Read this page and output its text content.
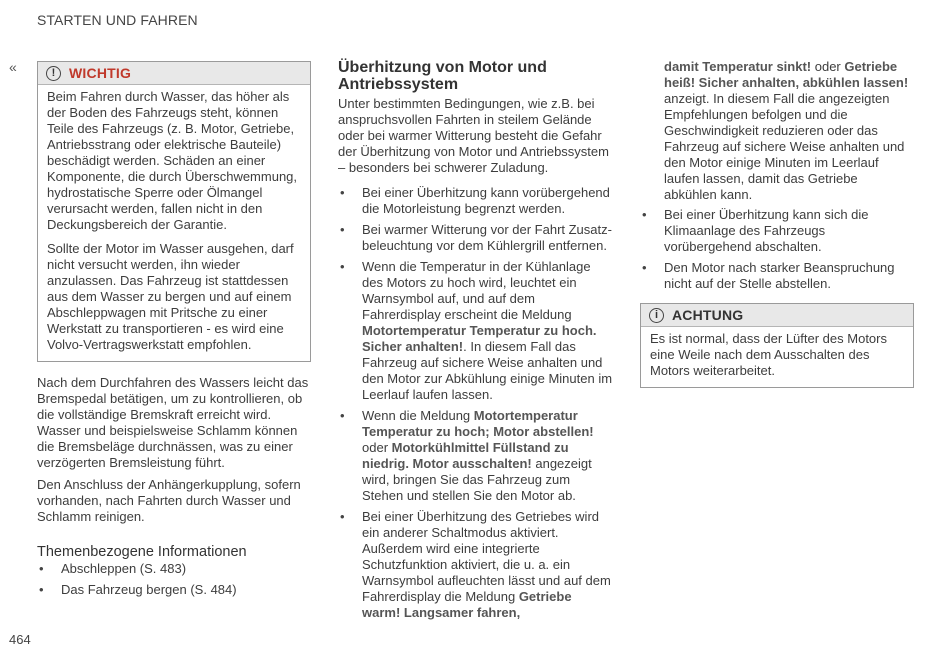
STARTEN UND FAHREN
«	! WICHTIG

Beim Fahren durch Wasser, das höher als der Boden des Fahrzeugs steht, können Teile des Fahrzeugs (z. B. Motor, Getriebe, Antriebsstrang oder elektrische Bauteile) beschädigt werden. Schäden an einer Komponente, die durch Überschwemmung, hydrostatische Sperre oder Ölmangel verursacht werden, fallen nicht in den Deckungsbereich der Garantie.

Sollte der Motor im Wasser ausgehen, darf nicht versucht werden, ihn wieder anzulassen. Das Fahrzeug ist stattdessen aus dem Wasser zu bergen und auf einem Abschleppwagen mit Pritsche zu einer Werkstatt zu transportieren - es wird eine Volvo-Vertragswerkstatt empfohlen.

Nach dem Durchfahren des Wassers leicht das Bremspedal betätigen, um zu kontrollieren, ob die vollständige Bremskraft erreicht wird. Wasser und beispielsweise Schlamm können die Bremsbeläge durchnässen, was zu einer verzögerten Bremsleistung führt.

Den Anschluss der Anhängerkupplung, sofern vorhanden, nach Fahrten durch Wasser und Schlamm reinigen.

Themenbezogene Informationen
• Abschleppen (S. 483)
• Das Fahrzeug bergen (S. 484)
Überhitzung von Motor und Antriebssystem

Unter bestimmten Bedingungen, wie z.B. bei anspruchsvollen Fahrten in steilem Gelände oder bei warmer Witterung besteht die Gefahr der Überhitzung von Motor und Antriebssystem – besonders bei schwerer Zuladung.

• Bei einer Überhitzung kann vorübergehend die Motorleistung begrenzt werden.
• Bei warmer Witterung vor der Fahrt Zusatzbeleuchtung vor dem Kühlergrill entfernen.
• Wenn die Temperatur in der Kühlanlage des Motors zu hoch wird, leuchtet ein Warnsymbol auf, und auf dem Fahrerdisplay erscheint die Meldung Motortemperatur Temperatur zu hoch. Sicher anhalten!. In diesem Fall das Fahrzeug auf sichere Weise anhalten und den Motor zur Abkühlung einige Minuten im Leerlauf laufen lassen.
• Wenn die Meldung Motortemperatur Temperatur zu hoch; Motor abstellen! oder Motorkühlmittel Füllstand zu niedrig. Motor ausschalten! angezeigt wird, bringen Sie das Fahrzeug zum Stehen und stellen Sie den Motor ab.
• Bei einer Überhitzung des Getriebes wird ein anderer Schaltmodus aktiviert. Außerdem wird eine integrierte Schutzfunktion aktiviert, die u. a. ein Warnsymbol aufleuchten lässt und auf dem Fahrerdisplay die Meldung Getriebe warm! Langsamer fahren,

damit Temperatur sinkt! oder Getriebe heiß! Sicher anhalten, abkühlen lassen! anzeigt. In diesem Fall die angezeigten Empfehlungen befolgen und die Geschwindigkeit reduzieren oder das Fahrzeug auf sichere Weise anhalten und den Motor einige Minuten im Leerlauf laufen lassen, damit das Getriebe abkühlen kann.

• Bei einer Überhitzung kann sich die Klimaanlage des Fahrzeugs vorübergehend abschalten.
• Den Motor nach starker Beanspruchung nicht auf der Stelle abstellen.
i ACHTUNG

Es ist normal, dass der Lüfter des Motors eine Weile nach dem Ausschalten des Motors weiterarbeitet.

464
